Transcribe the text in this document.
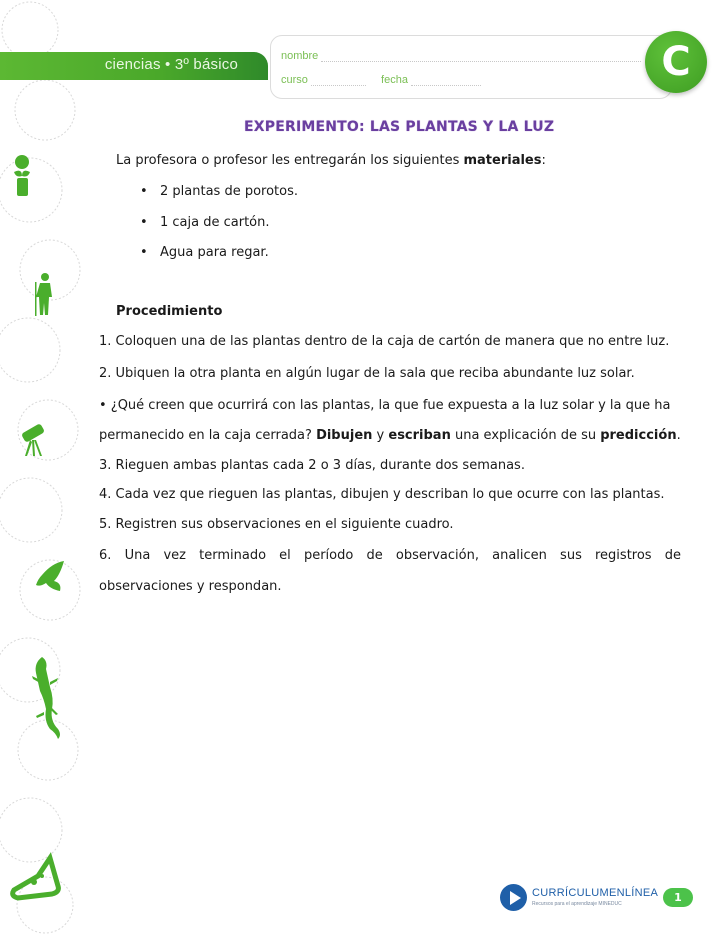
ciencias • 3º básico	nombre
curso	fecha	C
EXPERIMENTO: LAS PLANTAS Y LA LUZ
La profesora o profesor les entregarán los siguientes materiales:
• 2 plantas de porotos.
• 1 caja de cartón.
• Agua para regar.
Procedimiento
1. Coloquen una de las plantas dentro de la caja de cartón de manera que no entre luz.
2. Ubiquen la otra planta en algún lugar de la sala que reciba abundante luz solar.
• ¿Qué creen que ocurrirá con las plantas, la que fue expuesta a la luz solar y la que ha
permanecido en la caja cerrada? Dibujen y escriban una explicación de su predicción.
3. Rieguen ambas plantas cada 2 o 3 días, durante dos semanas.
4. Cada vez que rieguen las plantas, dibujen y describan lo que ocurre con las plantas.
5. Registren sus observaciones en el siguiente cuadro.
6. Una vez terminado el período de observación, analicen sus registros de
observaciones y respondan.
CURRÍCULUMENLÍNEA
Recursos para el aprendizaje MINEDUC	1
